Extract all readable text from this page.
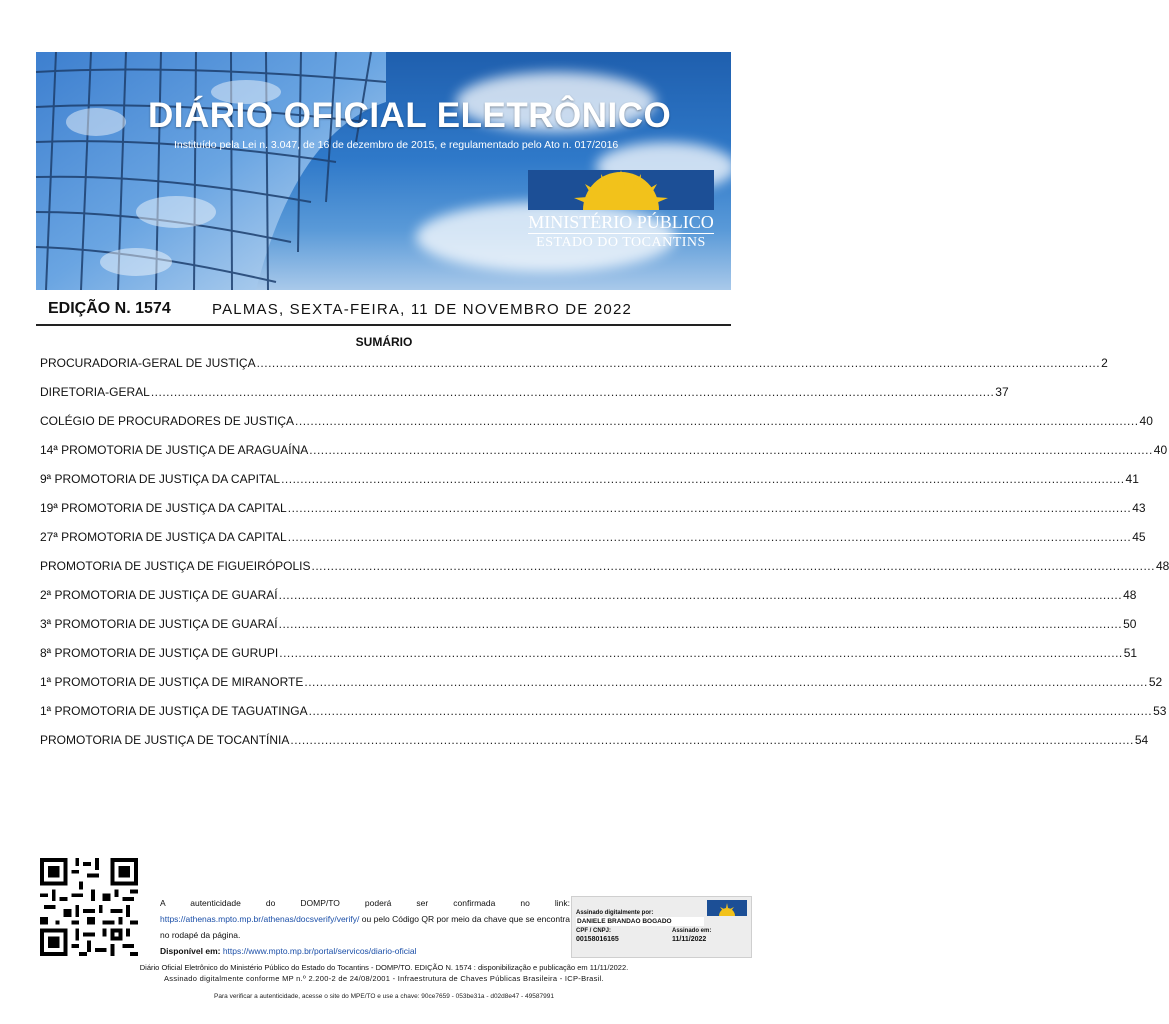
DIÁRIO OFICIAL ELETRÔNICO
Instituído pela Lei n. 3.047, de 16 de dezembro de 2015, e regulamentado pelo Ato n. 017/2016
MINISTÉRIO PÚBLICO
ESTADO DO TOCANTINS
EDIÇÃO N. 1574	PALMAS, SEXTA-FEIRA, 11 DE NOVEMBRO DE 2022
SUMÁRIO
PROCURADORIA-GERAL DE JUSTIÇA ............................................................................................................................................................................................................................ 2
DIRETORIA-GERAL ............................................................................................................................................................................................................................ 37
COLÉGIO DE PROCURADORES DE JUSTIÇA ............................................................................................................................................................................................................................ 40
14ª PROMOTORIA DE JUSTIÇA DE ARAGUAÍNA ............................................................................................................................................................................................................................ 40
9ª PROMOTORIA DE JUSTIÇA DA CAPITAL ............................................................................................................................................................................................................................ 41
19ª PROMOTORIA DE JUSTIÇA DA CAPITAL ............................................................................................................................................................................................................................ 43
27ª PROMOTORIA DE JUSTIÇA DA CAPITAL ............................................................................................................................................................................................................................ 45
PROMOTORIA DE JUSTIÇA DE FIGUEIRÓPOLIS ............................................................................................................................................................................................................................ 48
2ª PROMOTORIA DE JUSTIÇA DE GUARAÍ ............................................................................................................................................................................................................................ 48
3ª PROMOTORIA DE JUSTIÇA DE GUARAÍ ............................................................................................................................................................................................................................ 50
8ª PROMOTORIA DE JUSTIÇA DE GURUPI ............................................................................................................................................................................................................................ 51
1ª PROMOTORIA DE JUSTIÇA DE MIRANORTE ............................................................................................................................................................................................................................ 52
1ª PROMOTORIA DE JUSTIÇA DE TAGUATINGA ............................................................................................................................................................................................................................ 53
PROMOTORIA DE JUSTIÇA DE TOCANTÍNIA ............................................................................................................................................................................................................................ 54
A autenticidade do DOMP/TO poderá ser confirmada no link: https://athenas.mpto.mp.br/athenas/docsverify/verify/ ou pelo Código QR por meio da chave que se encontra no rodapé da página.
Disponível em: https://www.mpto.mp.br/portal/servicos/diario-oficial
Assinado digitalmente por:
DANIELE BRANDAO BOGADO
CPF / CNPJ:
00158016165
Assinado em:
11/11/2022
Diário Oficial Eletrônico do Ministério Público do Estado do Tocantins - DOMP/TO. EDIÇÃO N. 1574 : disponibilização e publicação em 11/11/2022.
Assinado digitalmente conforme MP n.º 2.200-2 de 24/08/2001 - Infraestrutura de Chaves Públicas Brasileira - ICP-Brasil.
Para verificar a autenticidade, acesse o site do MPE/TO e use a chave: 90ce7659 - 053be31a - d02d8e47 - 49587991
